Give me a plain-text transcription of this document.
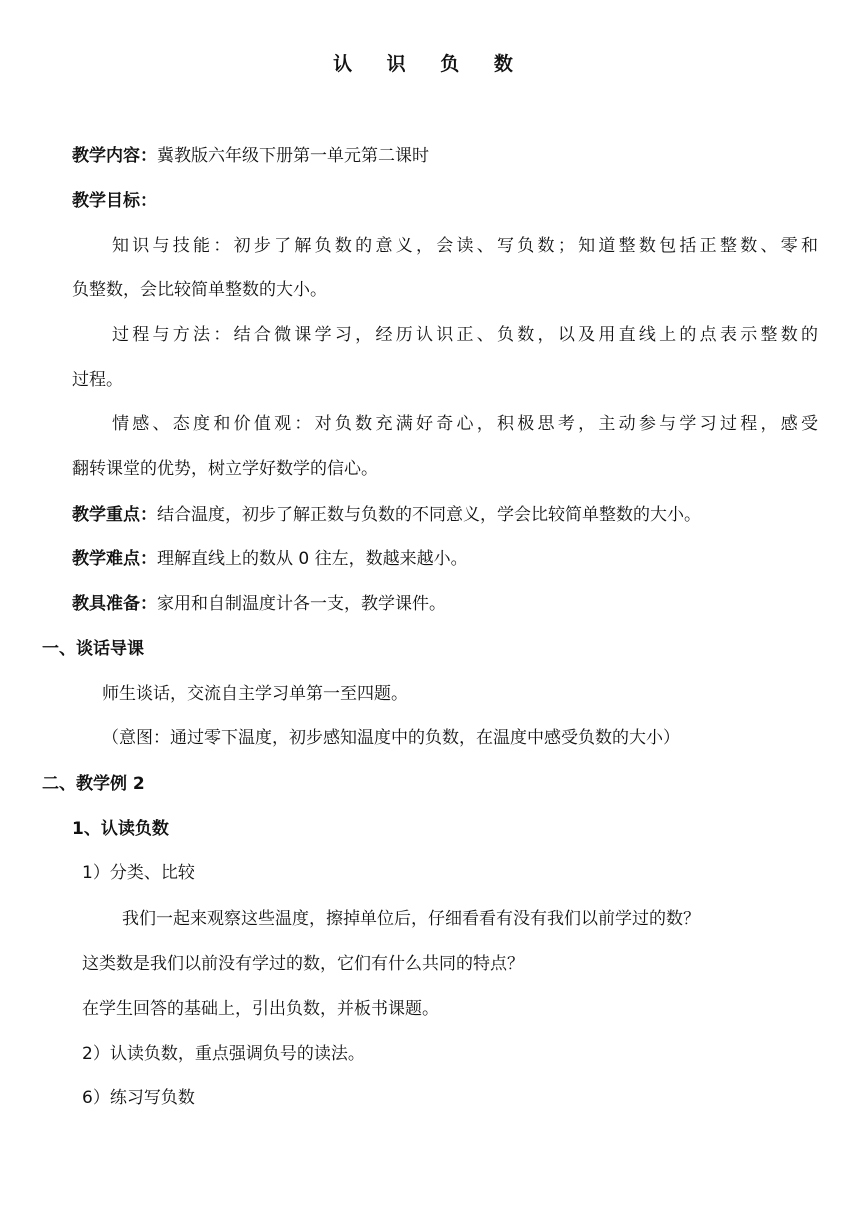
认 识 负 数
教学内容：冀教版六年级下册第一单元第二课时
教学目标：
知识与技能：初步了解负数的意义，会读、写负数；知道整数包括正整数、零和
负整数，会比较简单整数的大小。
过程与方法：结合微课学习，经历认识正、负数，以及用直线上的点表示整数的
过程。
情感、态度和价值观：对负数充满好奇心，积极思考，主动参与学习过程，感受
翻转课堂的优势，树立学好数学的信心。
教学重点：结合温度，初步了解正数与负数的不同意义，学会比较简单整数的大小。
教学难点：理解直线上的数从 0 往左，数越来越小。
教具准备：家用和自制温度计各一支，教学课件。
一、谈话导课
师生谈话，交流自主学习单第一至四题。
（意图：通过零下温度，初步感知温度中的负数，在温度中感受负数的大小）
二、教学例 2
1、认读负数
1）分类、比较
我们一起来观察这些温度，擦掉单位后，仔细看看有没有我们以前学过的数？
这类数是我们以前没有学过的数，它们有什么共同的特点？
在学生回答的基础上，引出负数，并板书课题。
2）认读负数，重点强调负号的读法。
6）练习写负数
